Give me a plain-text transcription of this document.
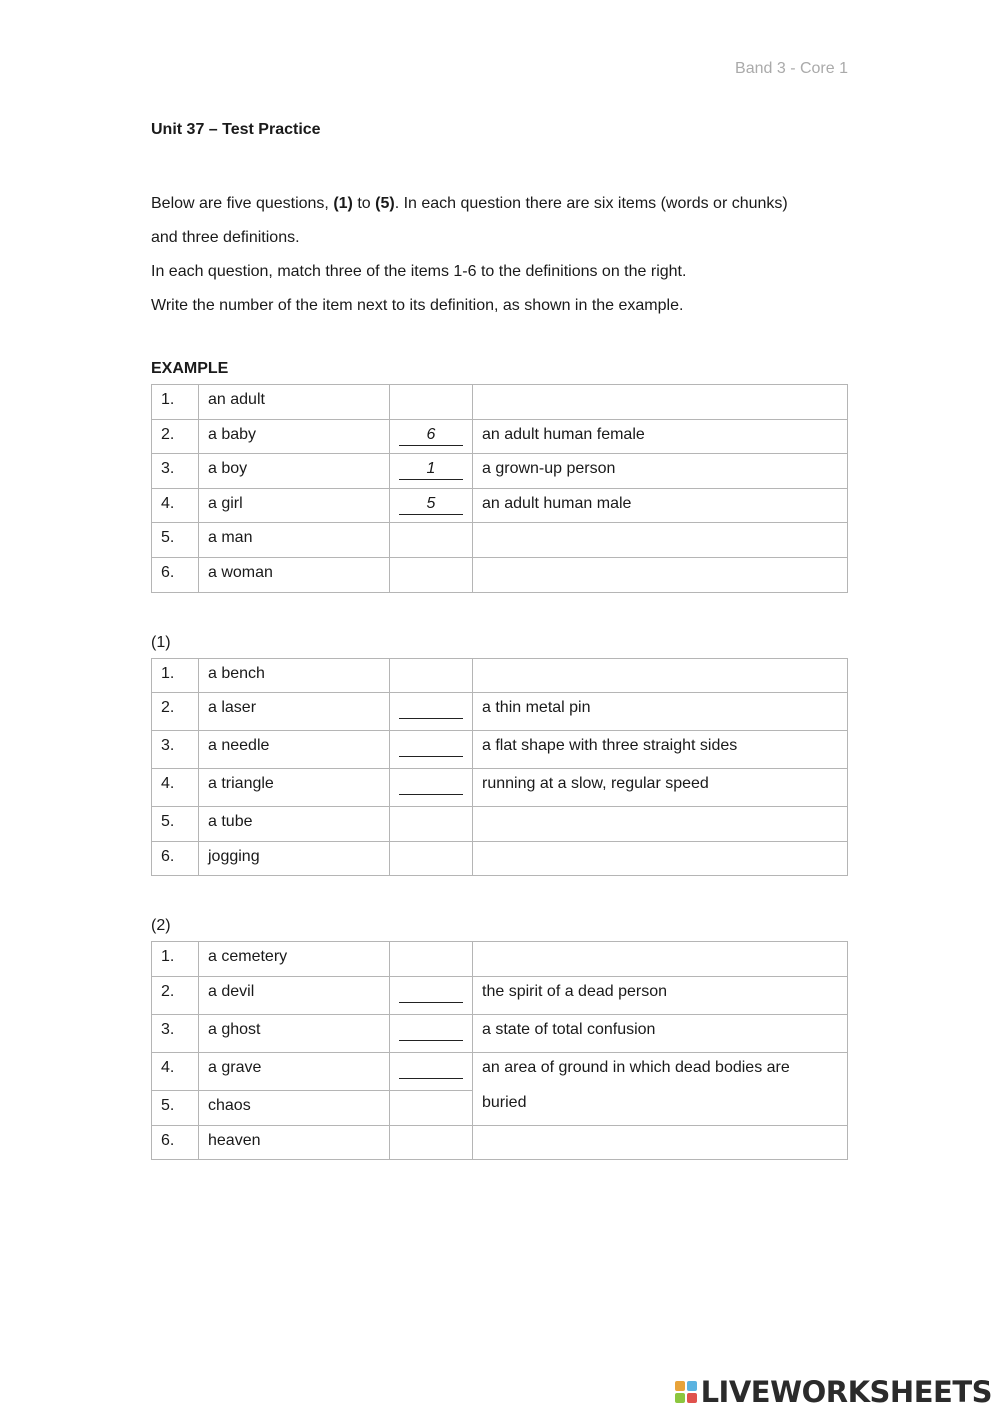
Band 3 - Core 1
Unit 37 – Test Practice

Below are five questions, (1) to (5). In each question there are six items (words or chunks)

and three definitions.

In each question, match three of the items 1-6 to the definitions on the right.

Write the number of the item next to its definition, as shown in the example.

EXAMPLE
1.	an adult		
2.	a baby	6	an adult human female
3.	a boy	1	a grown-up person
4.	a girl	5	an adult human male
5.	a man		
6.	a woman		
(1)
1.	a bench		
2.	a laser		a thin metal pin
3.	a needle		a flat shape with three straight sides
4.	a triangle		running at a slow, regular speed
5.	a tube		
6.	jogging		
(2)
1.	a cemetery		
2.	a devil		the spirit of a dead person
3.	a ghost		a state of total confusion
4.	a grave		an area of ground in which dead bodies are
buried

5.	chaos		
6.	heaven		
LIVEWORKSHEETS
